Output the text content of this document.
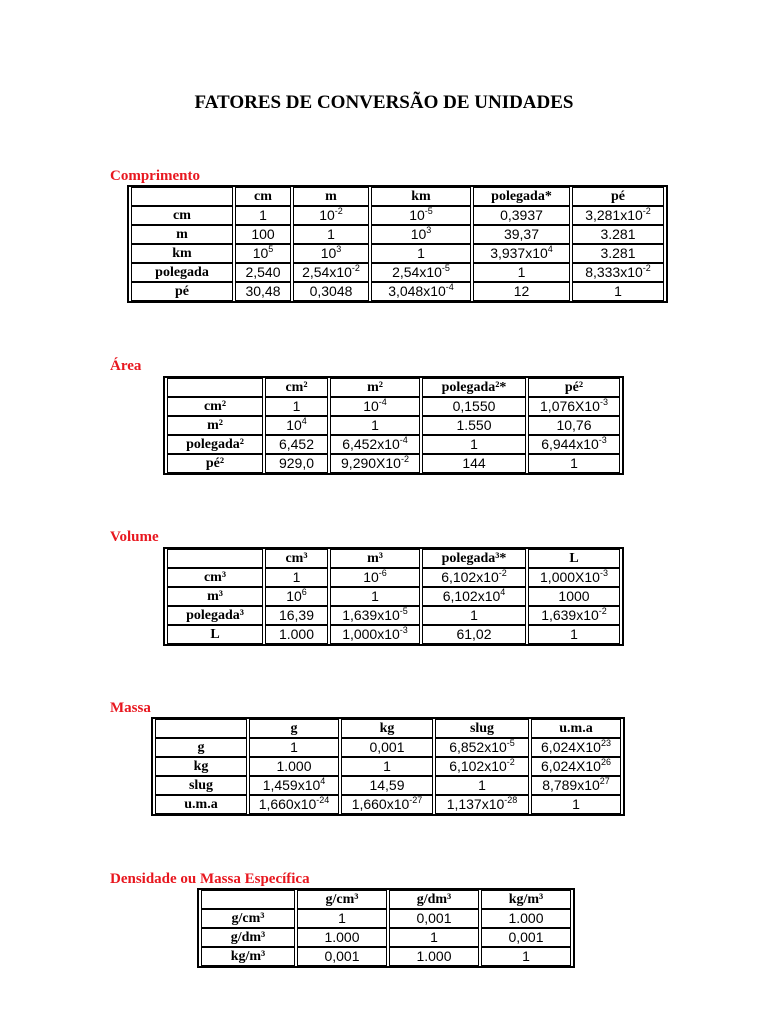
FATORES DE CONVERSÃO DE UNIDADES
Comprimento
	cm	m	km	polegada*	pé
cm	1	$10^{-2}$	$10^{-5}$	0,3937	$3,281x10^{-2}$
m	100	1	$10^3$	39,37	3.281
km	$10^5$	$10^3$	1	$3,937x10^4$	3.281
polegada	2,540	$2,54x10^{-2}$	$2,54x10^{-5}$	1	$8,333x10^{-2}$
pé	30,48	0,3048	$3,048x10^{-4}$	12	1
Área
	cm²	m²	polegada²*	pé²
cm²	1	$10^{-4}$	0,1550	$1,076X10^{-3}$
m²	$10^4$	1	1.550	10,76
polegada²	6,452	$6,452x10^{-4}$	1	$6,944x10^{-3}$
pé²	929,0	$9,290X10^{-2}$	144	1
Volume
	cm³	m³	polegada³*	L
cm³	1	$10^{-6}$	$6,102x10^{-2}$	$1,000X10^{-3}$
m³	$10^6$	1	$6,102x10^4$	1000
polegada³	16,39	$1,639x10^{-5}$	1	$1,639x10^{-2}$
L	1.000	$1,000x10^{-3}$	61,02	1
Massa
	g	kg	slug	u.m.a
g	1	0,001	$6,852x10^{-5}$	$6,024X10^{23}$
kg	1.000	1	$6,102x10^{-2}$	$6,024X10^{26}$
slug	$1,459x10^4$	14,59	1	$8,789x10^{27}$
u.m.a	$1,660x10^{-24}$	$1,660x10^{-27}$	$1,137x10^{-28}$	1
Densidade ou Massa Específica
	g/cm³	g/dm³	kg/m³
g/cm³	1	0,001	1.000
g/dm³	1.000	1	0,001
kg/m³	0,001	1.000	1
